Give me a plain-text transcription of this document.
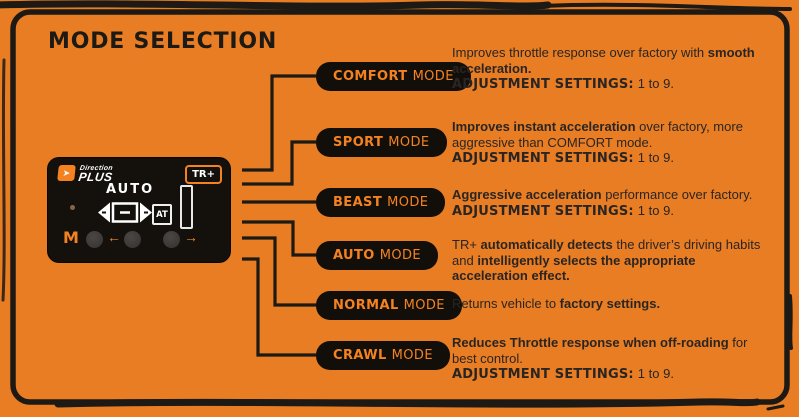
MODE SELECTION
➤	Direction
PLUS	TR+
AUTO
AT
M ←	→
COMFORT MODE
SPORT MODE
BEAST MODE
AUTO MODE
NORMAL MODE
CRAWL MODE

Improves throttle response over factory with smooth acceleration.

ADJUSTMENT SETTINGS: 1 to 9.

Improves instant acceleration over factory, more aggressive than COMFORT mode.

ADJUSTMENT SETTINGS: 1 to 9.

Aggressive acceleration performance over factory.

ADJUSTMENT SETTINGS: 1 to 9.

TR+ automatically detects the driver’s driving habits and intelligently selects the appropriate acceleration effect.

Returns vehicle to factory settings.

Reduces Throttle response when off-roading for best control.

ADJUSTMENT SETTINGS: 1 to 9.
